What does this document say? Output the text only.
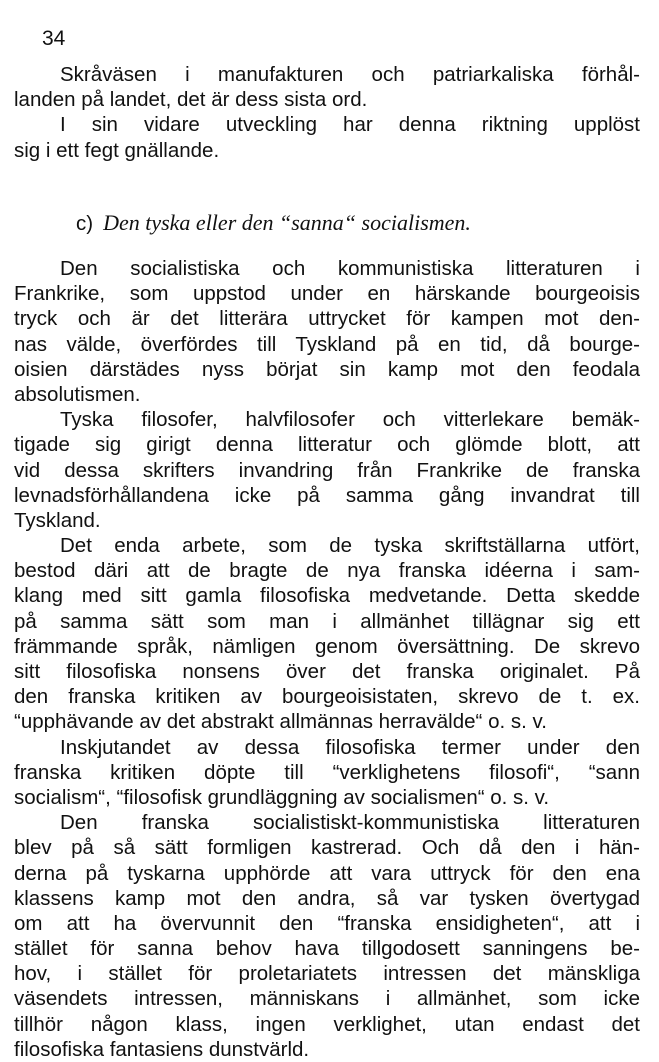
34

Skråväsen i manufakturen och patriarkaliska förhål-
landen på landet, det är dess sista ord.
I sin vidare utveckling har denna riktning upplöst
sig i ett fegt gnällande.

c) Den tyska eller den “sanna“ socialismen.

Den socialistiska och kommunistiska litteraturen i
Frankrike, som uppstod under en härskande bourgeoisis
tryck och är det litterära uttrycket för kampen mot den-
nas välde, överfördes till Tyskland på en tid, då bourge-
oisien därstädes nyss börjat sin kamp mot den feodala
absolutismen.
Tyska filosofer, halvfilosofer och vitterlekare bemäk-
tigade sig girigt denna litteratur och glömde blott, att
vid dessa skrifters invandring från Frankrike de franska
levnadsförhållandena icke på samma gång invandrat till
Tyskland.
Det enda arbete, som de tyska skriftställarna utfört,
bestod däri att de bragte de nya franska idéerna i sam-
klang med sitt gamla filosofiska medvetande. Detta skedde
på samma sätt som man i allmänhet tillägnar sig ett
främmande språk, nämligen genom översättning. De skrevo
sitt filosofiska nonsens över det franska originalet. På
den franska kritiken av bourgeoisistaten, skrevo de t. ex.
“upphävande av det abstrakt allmännas herravälde“ o. s. v.
Inskjutandet av dessa filosofiska termer under den
franska kritiken döpte till “verklighetens filosofi“, “sann
socialism“, “filosofisk grundläggning av socialismen“ o. s. v.
Den franska socialistiskt-kommunistiska litteraturen
blev på så sätt formligen kastrerad. Och då den i hän-
derna på tyskarna upphörde att vara uttryck för den ena
klassens kamp mot den andra, så var tysken övertygad
om att ha övervunnit den “franska ensidigheten“, att i
stället för sanna behov hava tillgodosett sanningens be-
hov, i stället för proletariatets intressen det mänskliga
väsendets intressen, människans i allmänhet, som icke
tillhör någon klass, ingen verklighet, utan endast det
filosofiska fantasiens dunstvärld.
